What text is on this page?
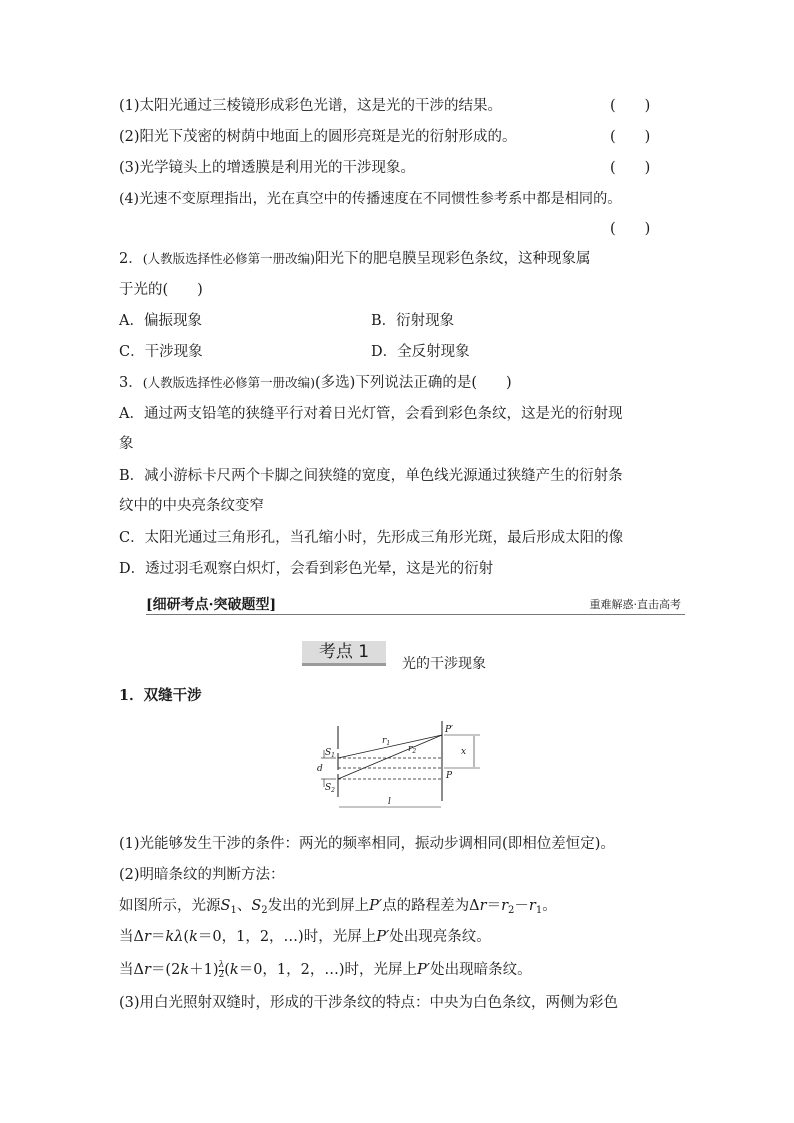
(1)太阳光通过三棱镜形成彩色光谱，这是光的干涉的结果。	(　　)
(2)阳光下茂密的树荫中地面上的圆形亮斑是光的衍射形成的。	(　　)
(3)光学镜头上的增透膜是利用光的干涉现象。	(　　)
(4)光速不变原理指出，光在真空中的传播速度在不同惯性参考系中都是相同的。
(　　)
2．(人教版选择性必修第一册改编)阳光下的肥皂膜呈现彩色条纹，这种现象属
于光的(　　)
A．偏振现象	B．衍射现象
C．干涉现象	D．全反射现象
3．(人教版选择性必修第一册改编)(多选)下列说法正确的是(　　)
A．通过两支铅笔的狭缝平行对着日光灯管，会看到彩色条纹，这是光的衍射现
象
B．减小游标卡尺两个卡脚之间狭缝的宽度，单色线光源通过狭缝产生的衍射条
纹中的中央亮条纹变窄
C．太阳光通过三角形孔，当孔缩小时，先形成三角形光斑，最后形成太阳的像
D．透过羽毛观察白炽灯，会看到彩色光晕，这是光的衍射
[细研考点·突破题型]	重难解惑·直击高考
考点 1
光的干涉现象
1．双缝干涉
$S_1$
d
$S_2$
$r_1$
$r_2$
P′
P
x
l
(1)光能够发生干涉的条件：两光的频率相同，振动步调相同(即相位差恒定)。
(2)明暗条纹的判断方法：
如图所示，光源$S_1$、$S_2$发出的光到屏上P′点的路程差为$\Delta r=r_2-r_1$。
当Δr＝kλ(k＝0，1，2，…)时，光屏上P′处出现亮条纹。
当$\Delta r=(2k+1) \frac{\lambda}{2} (k=0$，1，2，…)时，光屏上P′处出现暗条纹。
(3)用白光照射双缝时，形成的干涉条纹的特点：中央为白色条纹，两侧为彩色
